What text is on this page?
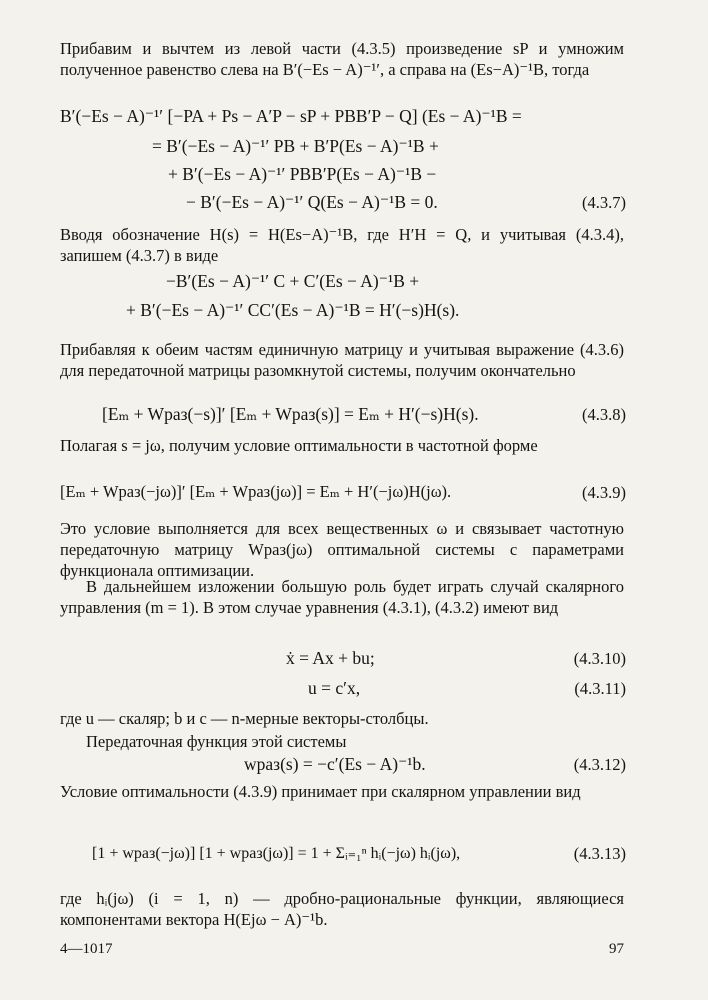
Прибавим и вычтем из левой части (4.3.5) произведение sP и умножим полученное равенство слева на B′(−Es − A)⁻¹′, а справа на (Es−A)⁻¹B, тогда

B′(−Es − A)⁻¹′ [−PA + Ps − A′P − sP + PBB′P − Q] (Es − A)⁻¹B =
= B′(−Es − A)⁻¹′ PB + B′P(Es − A)⁻¹B +
+ B′(−Es − A)⁻¹′ PBB′P(Es − A)⁻¹B −
− B′(−Es − A)⁻¹′ Q(Es − A)⁻¹B = 0.	(4.3.7)

Вводя обозначение H(s) = H(Es−A)⁻¹B, где H′H = Q, и учитывая (4.3.4), запишем (4.3.7) в виде

−B′(Es − A)⁻¹′ C + C′(Es − A)⁻¹B +
+ B′(−Es − A)⁻¹′ CC′(Es − A)⁻¹B = H′(−s)H(s).

Прибавляя к обеим частям единичную матрицу и учитывая выражение (4.3.6) для передаточной матрицы разомкнутой системы, получим окончательно

[Eₘ + Wраз(−s)]′ [Eₘ + Wраз(s)] = Eₘ + H′(−s)H(s).	(4.3.8)

Полагая s = jω, получим условие оптимальности в частотной форме

[Eₘ + Wраз(−jω)]′ [Eₘ + Wраз(jω)] = Eₘ + H′(−jω)H(jω).	(4.3.9)

Это условие выполняется для всех вещественных ω и связывает частотную передаточную матрицу Wраз(jω) оптимальной системы с параметрами функционала оптимизации.

В дальнейшем изложении большую роль будет играть случай скалярного управления (m = 1). В этом случае уравнения (4.3.1), (4.3.2) имеют вид

ẋ = Ax + bu;	(4.3.10)
u = c′x,	(4.3.11)

где u — скаляр; b и c — n-мерные векторы-столбцы.

Передаточная функция этой системы

wраз(s) = −c′(Es − A)⁻¹b.	(4.3.12)

Условие оптимальности (4.3.9) принимает при скалярном управлении вид

[1 + wраз(−jω)] [1 + wраз(jω)] = 1 + Σᵢ₌₁ⁿ hᵢ(−jω) hᵢ(jω),	(4.3.13)

где hᵢ(jω) (i = 1, n) — дробно-рациональные функции, являющиеся компонентами вектора H(Ejω − A)⁻¹b.

4—1017	97
